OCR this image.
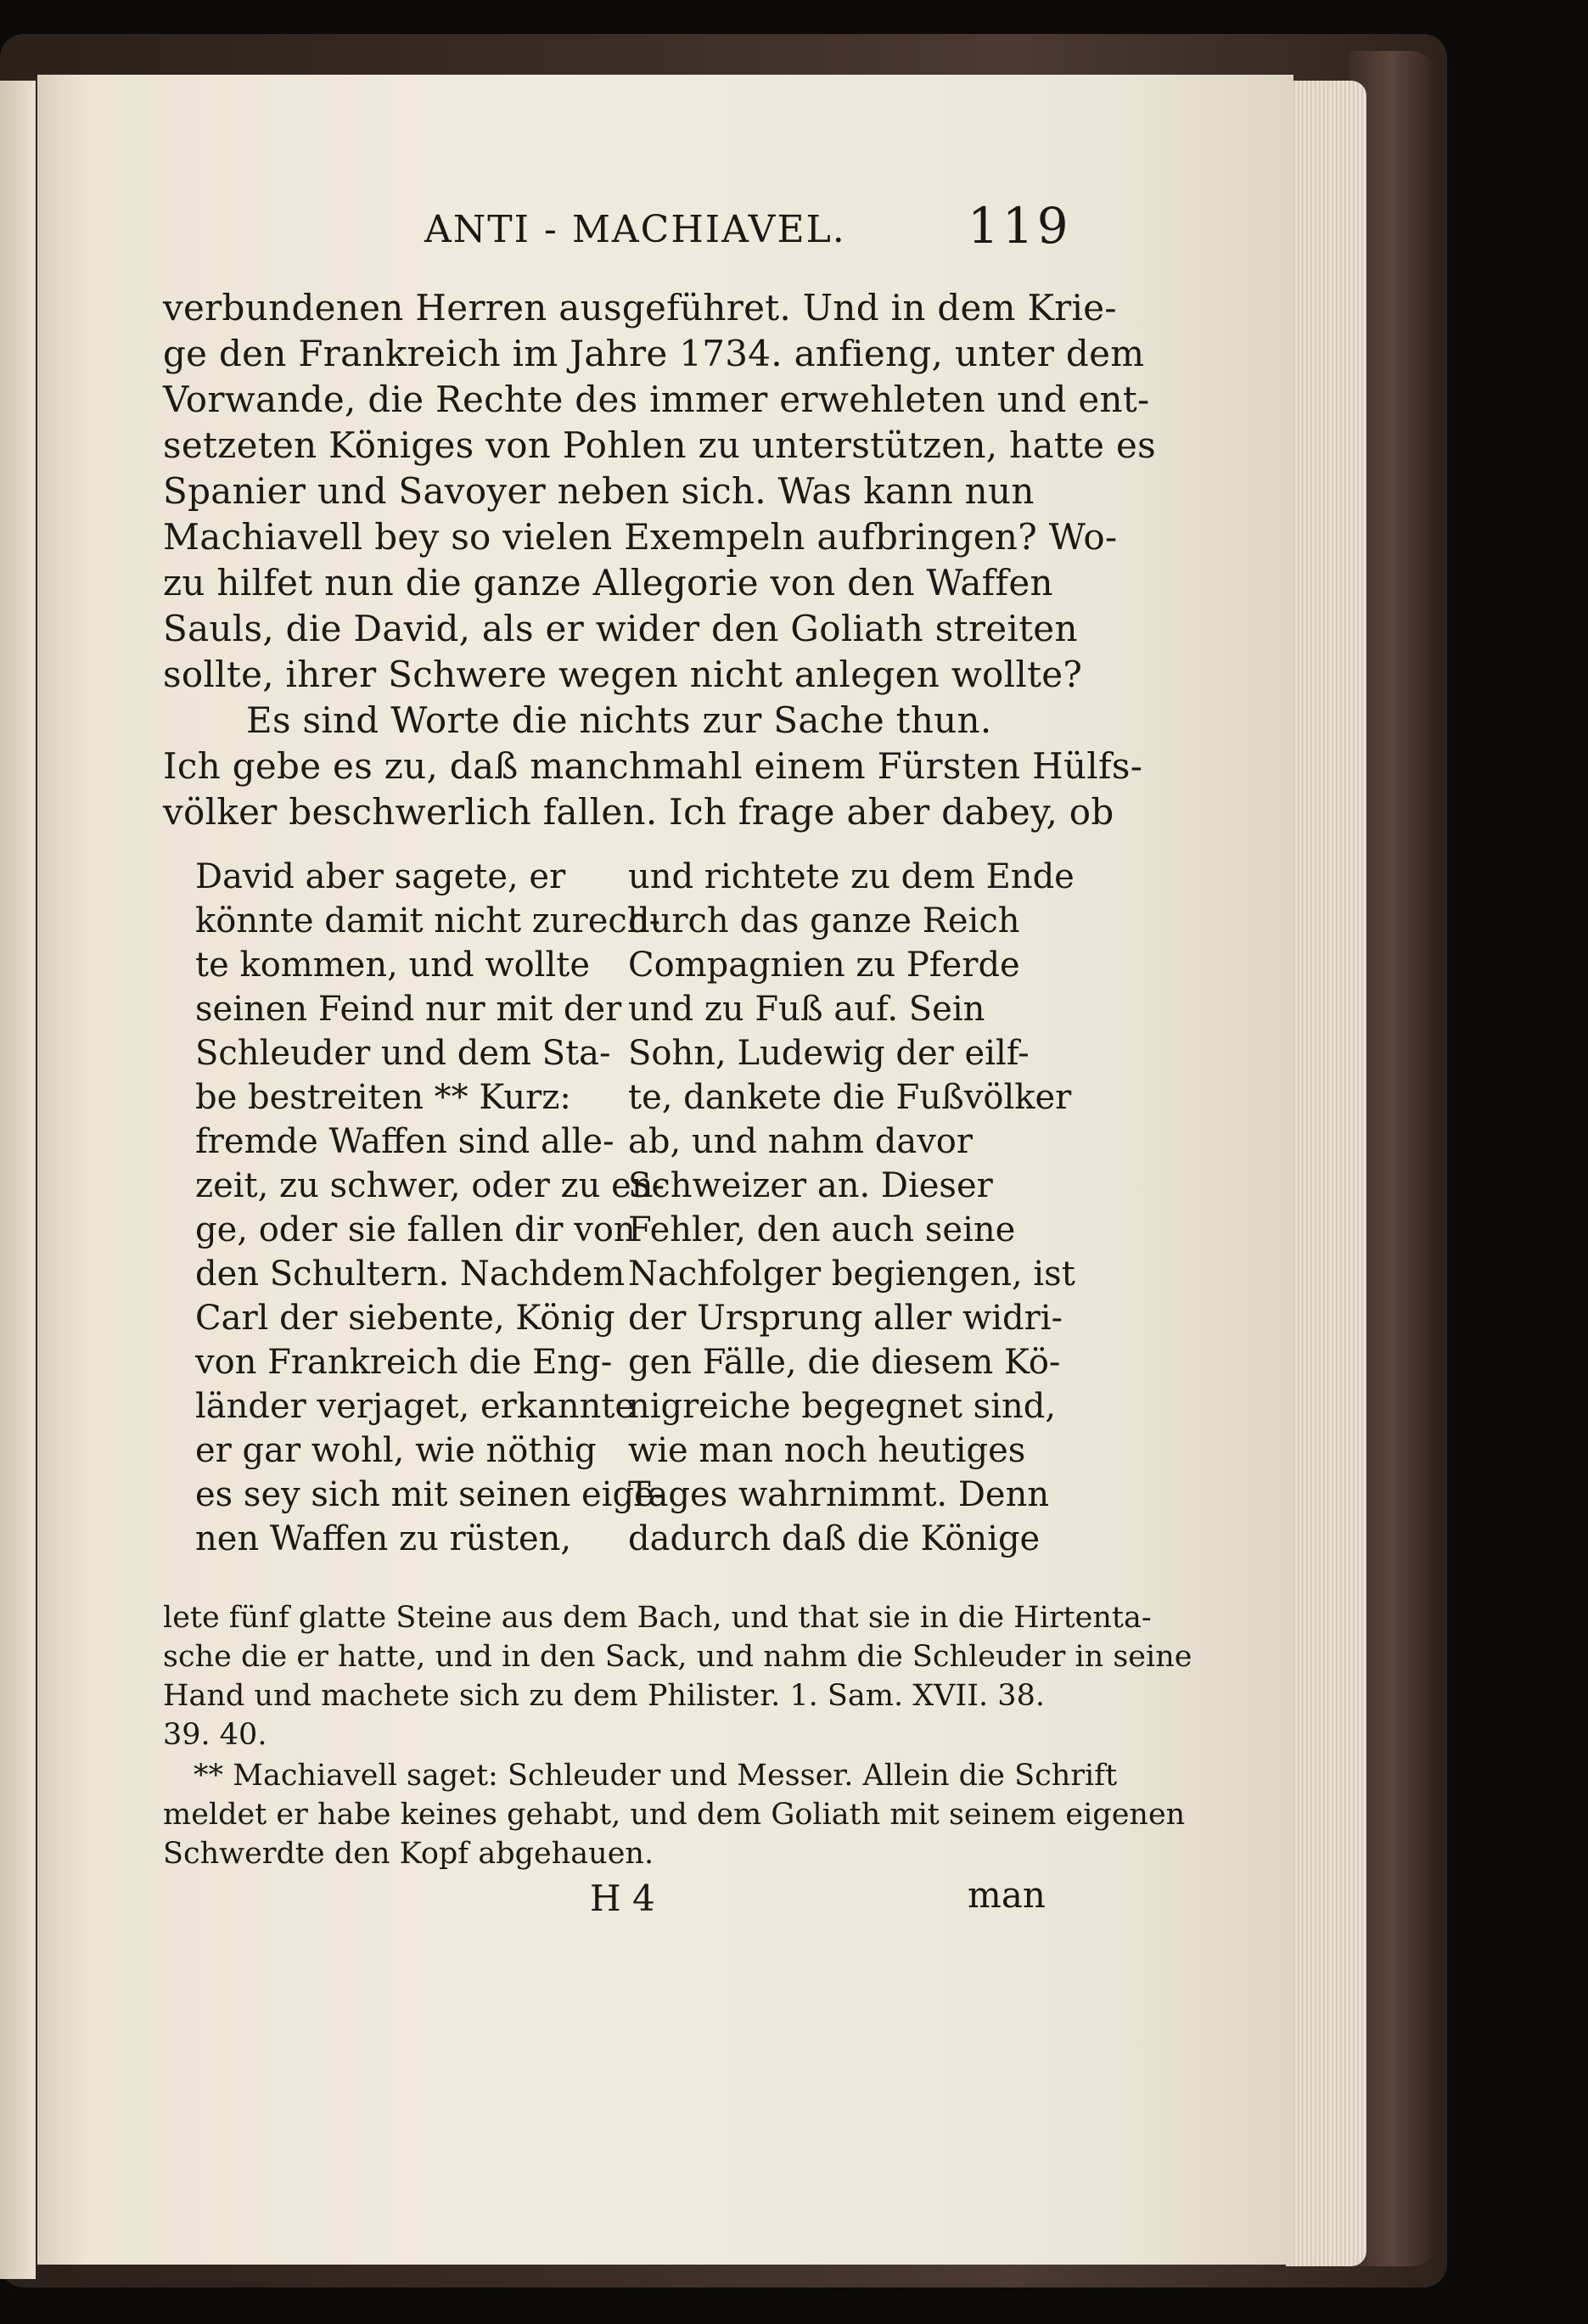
ANTI - MACHIAVEL. 119
verbundenen Herren ausgeführet. Und in dem Krie-
ge den Frankreich im Jahre 1734. anfieng, unter dem
Vorwande, die Rechte des immer erwehleten und ent-
setzeten Königes von Pohlen zu unterstützen, hatte es
Spanier und Savoyer neben sich. Was kann nun
Machiavell bey so vielen Exempeln aufbringen? Wo-
zu hilfet nun die ganze Allegorie von den Waffen
Sauls, die David, als er wider den Goliath streiten
sollte, ihrer Schwere wegen nicht anlegen wollte?
Es sind Worte die nichts zur Sache thun.
Ich gebe es zu, daß manchmahl einem Fürsten Hülfs-
völker beschwerlich fallen. Ich frage aber dabey, ob
David aber sagete, er
könnte damit nicht zurech-
te kommen, und wollte
seinen Feind nur mit der
Schleuder und dem Sta-
be bestreiten ** Kurz:
fremde Waffen sind alle-
zeit, zu schwer, oder zu en-
ge, oder sie fallen dir von
den Schultern. Nachdem
Carl der siebente, König
von Frankreich die Eng-
länder verjaget, erkannte
er gar wohl, wie nöthig
es sey sich mit seinen eige-
nen Waffen zu rüsten,
und richtete zu dem Ende
durch das ganze Reich
Compagnien zu Pferde
und zu Fuß auf. Sein
Sohn, Ludewig der eilf-
te, dankete die Fußvölker
ab, und nahm davor
Schweizer an. Dieser
Fehler, den auch seine
Nachfolger begiengen, ist
der Ursprung aller widri-
gen Fälle, die diesem Kö-
nigreiche begegnet sind,
wie man noch heutiges
Tages wahrnimmt. Denn
dadurch daß die Könige
lete fünf glatte Steine aus dem Bach, und that sie in die Hirtenta-
sche die er hatte, und in den Sack, und nahm die Schleuder in seine
Hand und machete sich zu dem Philister. 1. Sam. XVII. 38.
39. 40.
** Machiavell saget: Schleuder und Messer. Allein die Schrift
meldet er habe keines gehabt, und dem Goliath mit seinem eigenen
Schwerdte den Kopf abgehauen.
H 4	man
